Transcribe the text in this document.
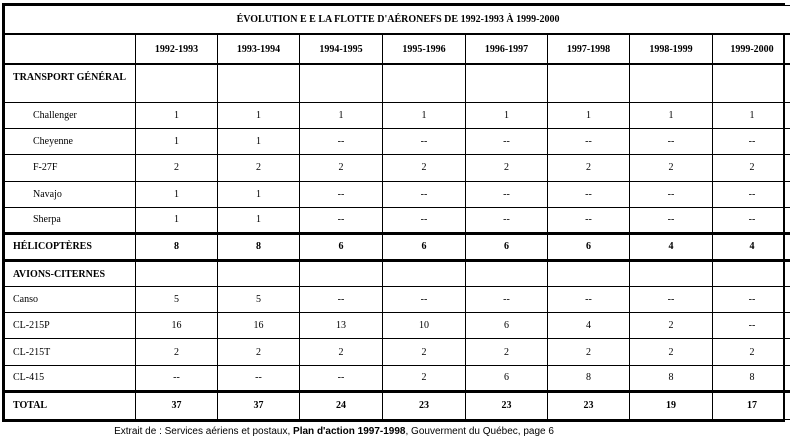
ÉVOLUTION E E LA FLOTTE D'AÉRONEFS DE 1992-1993 À 1999-2000								
	1992-1993	1993-1994	1994-1995	1995-1996	1996-1997	1997-1998	1998-1999	1999-2000
TRANSPORT GÉNÉRAL								
Challenger	1	1	1	1	1	1	1	1
Cheyenne	1	1	--	--	--	--	--	--
F-27F	2	2	2	2	2	2	2	2
Navajo	1	1	--	--	--	--	--	--
Sherpa	1	1	--	--	--	--	--	--
HÉLICOPTÈRES	8	8	6	6	6	6	4	4
AVIONS-CITERNES								
Canso	5	5	--	--	--	--	--	--
CL-215P	16	16	13	10	6	4	2	--
CL-215T	2	2	2	2	2	2	2	2
CL-415	--	--	--	2	6	8	8	8
TOTAL	37	37	24	23	23	23	19	17
Extrait de : Services aériens et postaux, Plan d'action 1997-1998, Gouverment du Québec, page 6
